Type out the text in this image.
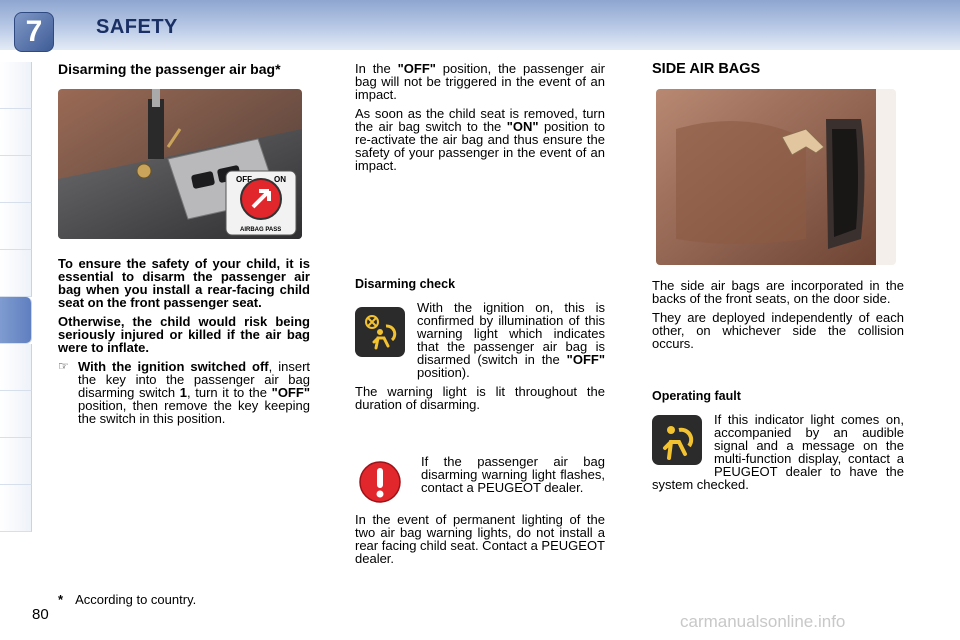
7	SAFETY
Disarming the passenger air bag*
OFF	ON
AIRBAG PASS

To ensure the safety of your child, it is essential to disarm the passenger air bag when you install a rear-facing child seat on the front passenger seat.

Otherwise, the child would risk being seriously injured or killed if the air bag were to inflate.

☞ With the ignition switched off, insert the key into the passenger air bag disarming switch 1, turn it to the "OFF" position, then remove the key keeping the switch in this position.

In the "OFF" position, the passenger air bag will not be triggered in the event of an impact.

As soon as the child seat is removed, turn the air bag switch to the "ON" position to re-activate the air bag and thus ensure the safety of your passenger in the event of an impact.

Disarming check
With the ignition on, this is confirmed by illumination of this warning light which indicates that the passenger air bag is disarmed (switch in the "OFF" position).

The warning light is lit throughout the duration of disarming.

If the passenger air bag disarming warning light flashes, contact a PEUGEOT dealer.

In the event of permanent lighting of the two air bag warning lights, do not install a rear facing child seat. Contact a PEUGEOT dealer.

SIDE AIR BAGS

The side air bags are incorporated in the backs of the front seats, on the door side.

They are deployed independently of each other, on whichever side the collision occurs.

Operating fault
If this indicator light comes on, accompanied by an audible signal and a message on the multi-function display, contact a PEUGEOT dealer to have the system checked.
* According to country.
80	carmanualsonline.info
